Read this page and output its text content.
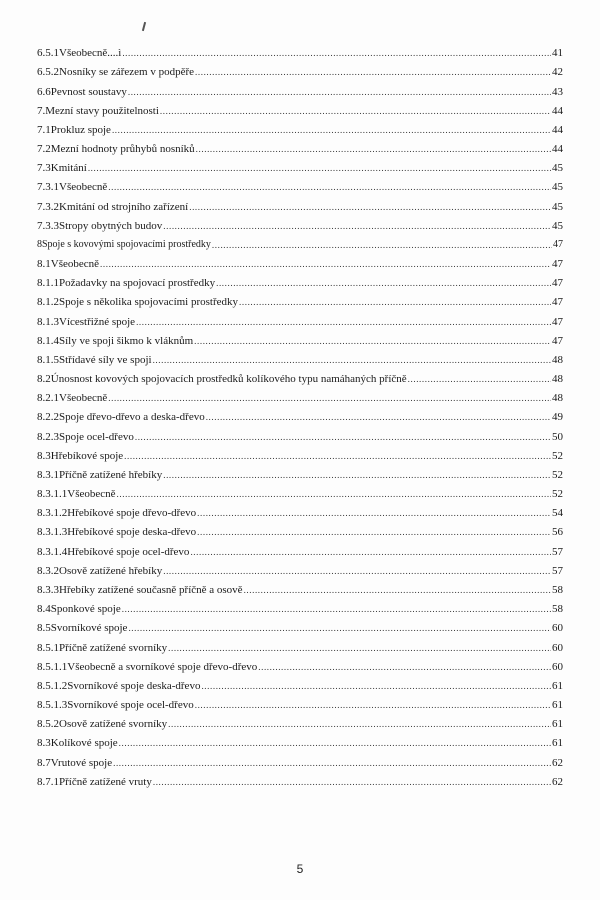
6.5.1Všeobecně....ì .....	41
6.5.2Nosníky se zářezem v podpěře .....	42
6.6Pevnost soustavy .....	43
7.Mezní stavy použitelnosti .....	44
7.1Prokluz spoje .....	44
7.2Mezní hodnoty průhybů nosníků .....	44
7.3Kmitání .....	45
7.3.1Všeobecně .....	45
7.3.2Kmitání od strojního zařízení .....	45
7.3.3Stropy obytných budov .....	45
8Spoje s kovovými spojovacími prostředky .....	47
8.1Všeobecně .....	47
8.1.1Požadavky na spojovací prostředky .....	47
8.1.2Spoje s několika spojovacími prostředky .....	47
8.1.3Vícestřižné spoje .....	47
8.1.4Síly ve spoji šikmo k vláknům .....	47
8.1.5Střídavé síly ve spoji .....	48
8.2Únosnost kovových spojovacích prostředků kolíkového typu namáhaných příčně .....	48
8.2.1Všeobecně .....	48
8.2.2Spoje dřevo-dřevo a deska-dřevo .....	49
8.2.3Spoje ocel-dřevo .....	50
8.3Hřebíkové spoje .....	52
8.3.1Příčně zatížené hřebíky .....	52
8.3.1.1Všeobecně .....	52
8.3.1.2Hřebíkové spoje dřevo-dřevo .....	54
8.3.1.3Hřebíkové spoje deska-dřevo .....	56
8.3.1.4Hřebíkové spoje ocel-dřevo .....	57
8.3.2Osově zatížené hřebíky .....	57
8.3.3Hřebíky zatížené současně příčně a osově .....	58
8.4Sponkové spoje .....	58
8.5Svorníkové spoje .....	60
8.5.1Příčně zatížené svorníky .....	60
8.5.1.1Všeobecně a svorníkové spoje dřevo-dřevo .....	60
8.5.1.2Svorníkové spoje deska-dřevo .....	61
8.5.1.3Svorníkové spoje ocel-dřevo .....	61
8.5.2Osově zatížené svorníky .....	61
8.3Kolíkové spoje .....	61
8.7Vrutové spoje .....	62
8.7.1Příčně zatížené vruty .....	62
5
